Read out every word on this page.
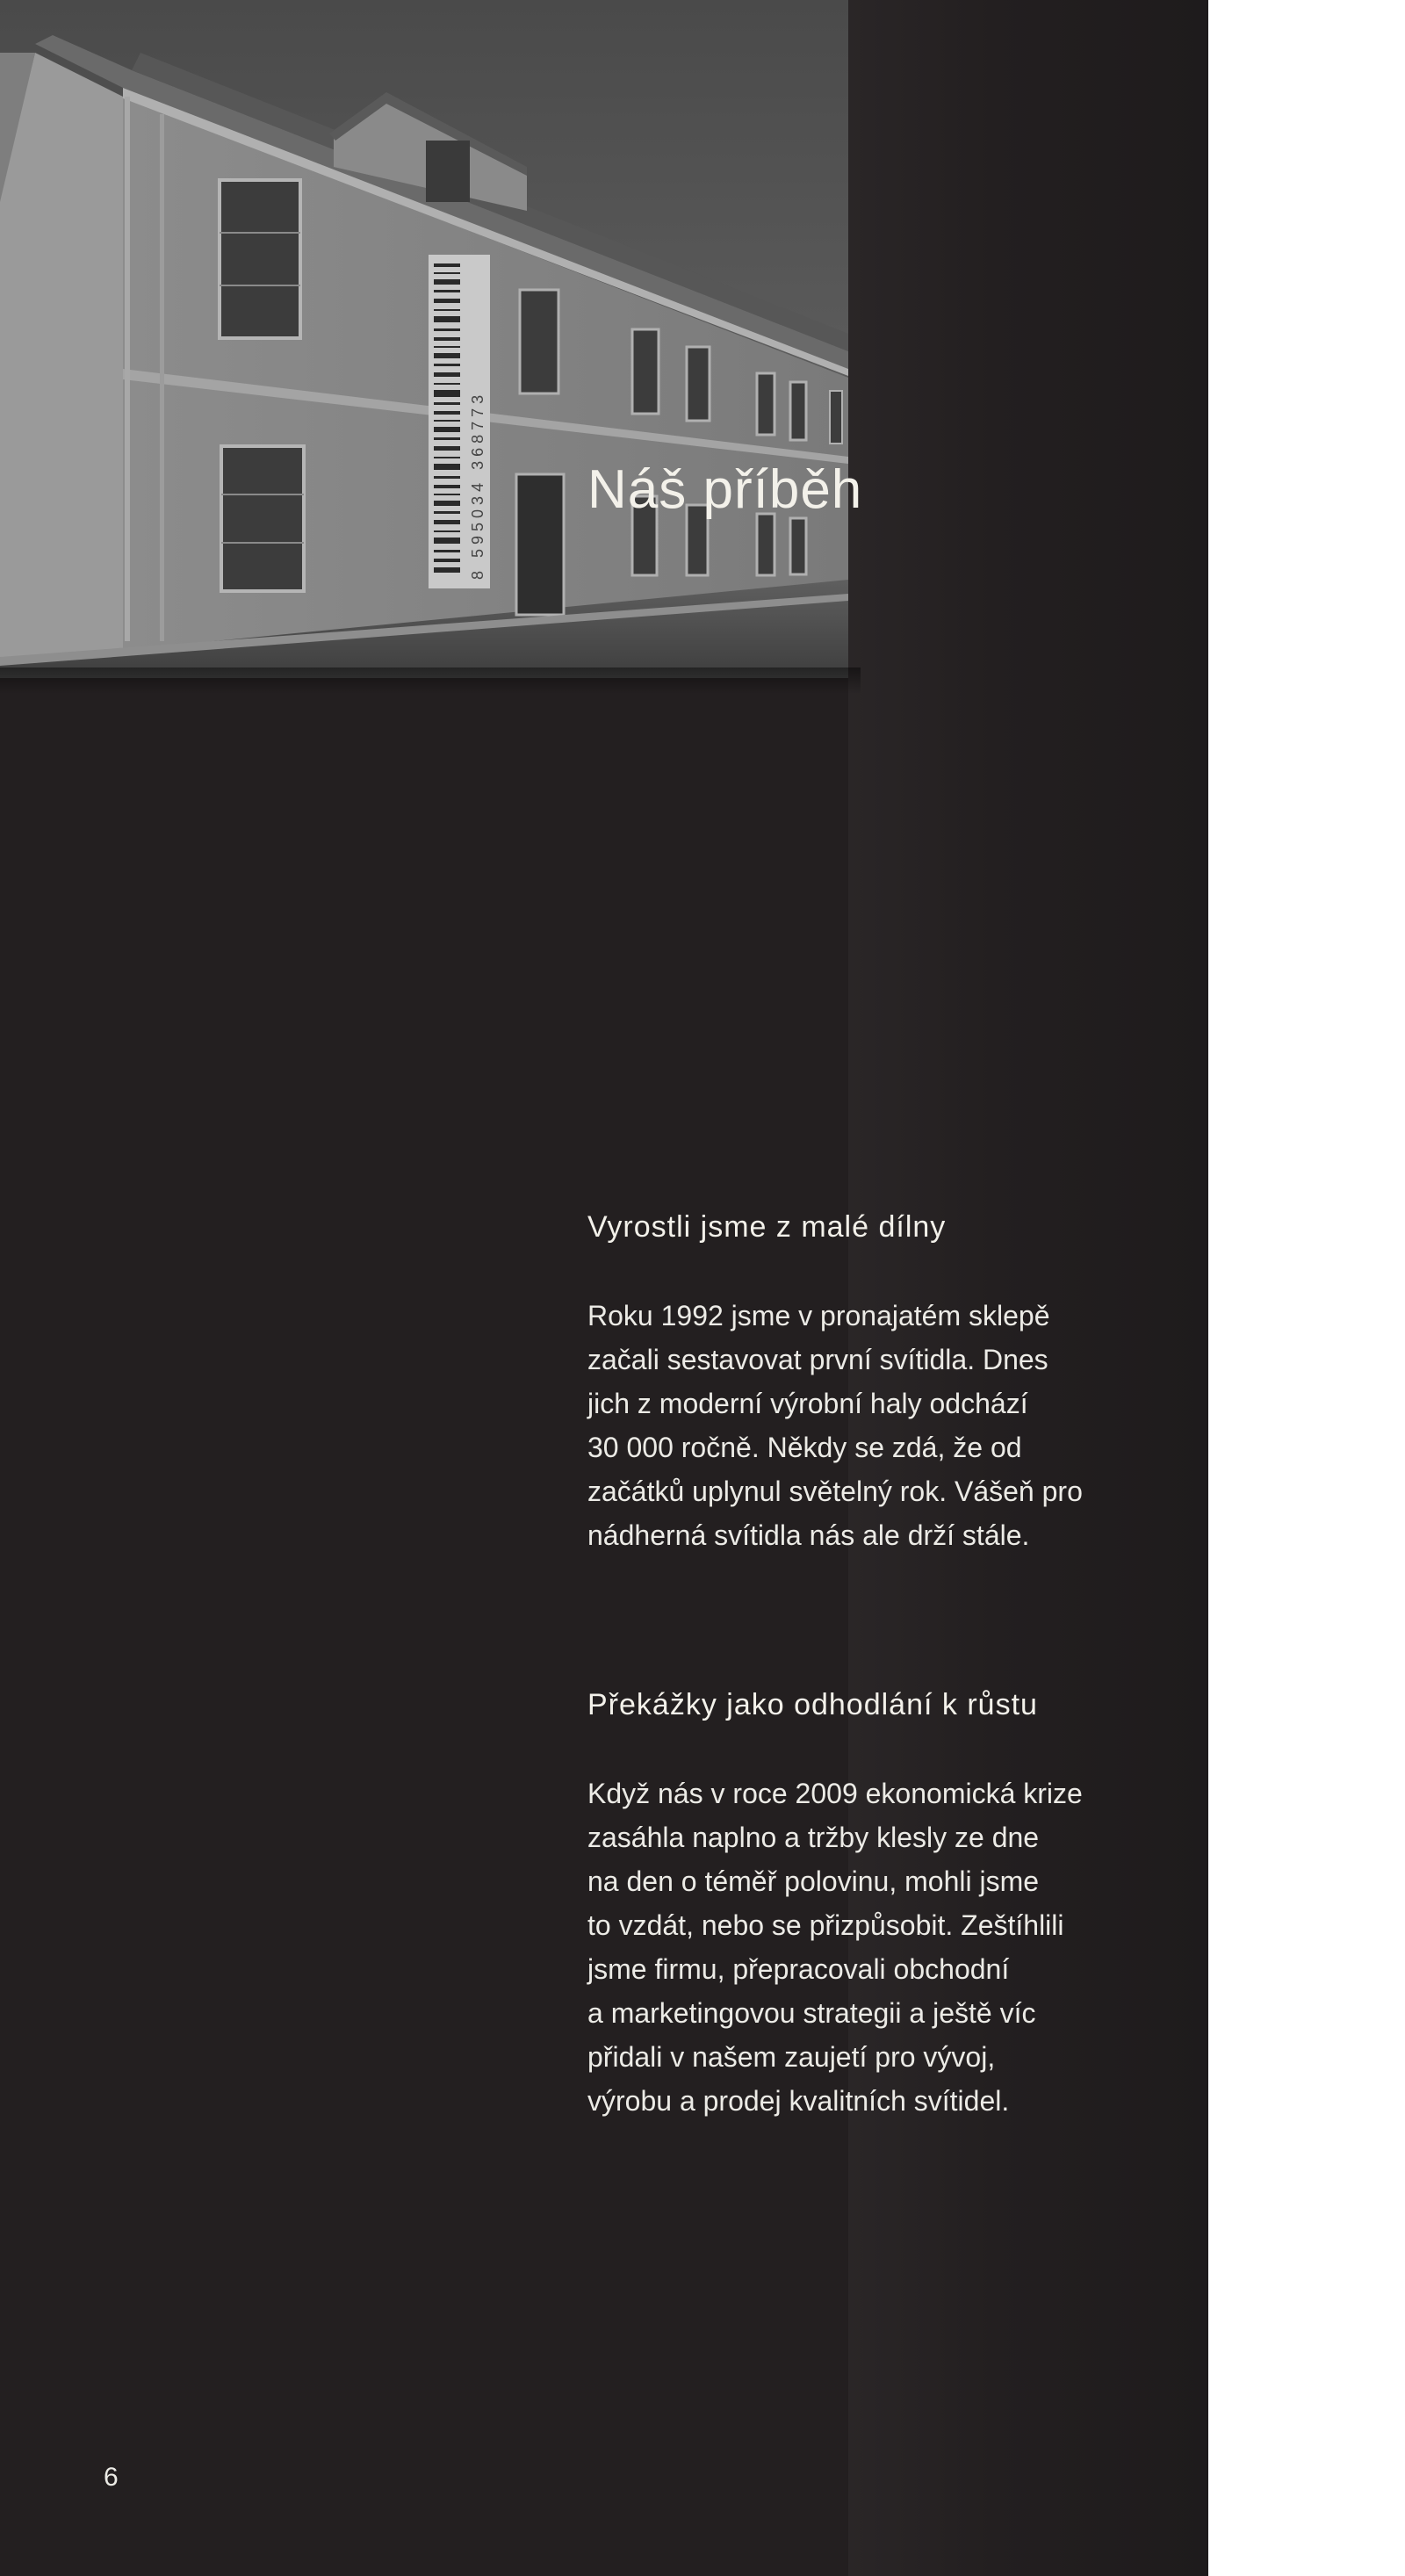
8 595034 368773 Náš příběh
Vyrostli jsme z malé dílny
Roku 1992 jsme v pronajatém sklepě
začali sestavovat první svítidla. Dnes
jich z moderní výrobní haly odchází
30 000 ročně. Někdy se zdá, že od
začátků uplynul světelný rok. Vášeň pro
nádherná svítidla nás ale drží stále.
Překážky jako odhodlání k růstu
Když nás v roce 2009 ekonomická krize
zasáhla naplno a tržby klesly ze dne
na den o téměř polovinu, mohli jsme
to vzdát, nebo se přizpůsobit. Zeštíhlili
jsme firmu, přepracovali obchodní
a marketingovou strategii a ještě víc
přidali v našem zaujetí pro vývoj,
výrobu a prodej kvalitních svítidel.

6
